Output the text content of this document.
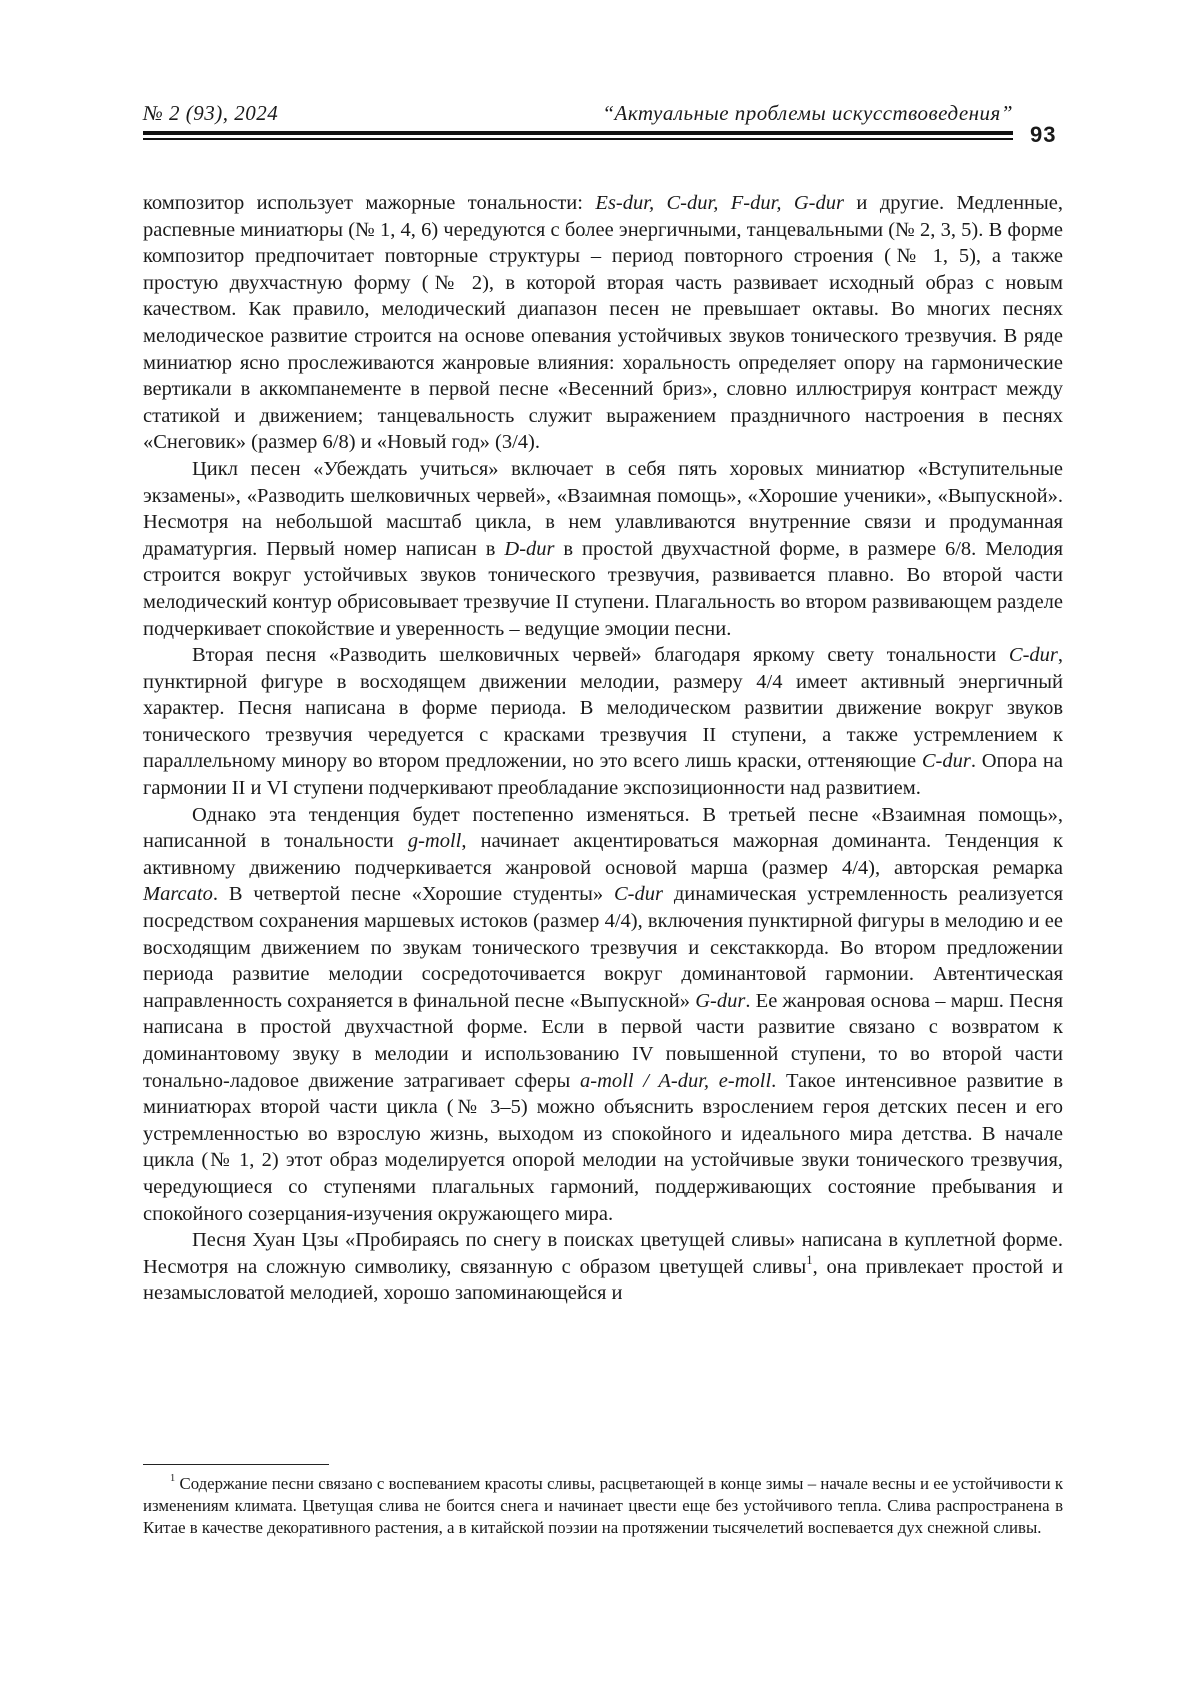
№ 2 (93), 2024	“Актуальные проблемы искусствоведения”
93

композитор использует мажорные тональности: Es-dur, C-dur, F-dur, G-dur и другие. Медленные, распевные миниатюры (№ 1, 4, 6) чередуются с более энергичными, танцевальными (№ 2, 3, 5). В форме композитор предпочитает повторные структуры – период повторного строения (№ 1, 5), а также простую двухчастную форму (№ 2), в которой вторая часть развивает исходный образ с новым качеством. Как правило, мелодический диапазон песен не превышает октавы. Во многих песнях мелодическое развитие строится на основе опевания устойчивых звуков тонического трезвучия. В ряде миниатюр ясно прослеживаются жанровые влияния: хоральность определяет опору на гармонические вертикали в аккомпанементе в первой песне «Весенний бриз», словно иллюстрируя контраст между статикой и движением; танцевальность служит выражением праздничного настроения в песнях «Снеговик» (размер 6/8) и «Новый год» (3/4).

Цикл песен «Убеждать учиться» включает в себя пять хоровых миниатюр «Вступительные экзамены», «Разводить шелковичных червей», «Взаимная помощь», «Хорошие ученики», «Выпускной». Несмотря на небольшой масштаб цикла, в нем улавливаются внутренние связи и продуманная драматургия. Первый номер написан в D-dur в простой двухчастной форме, в размере 6/8. Мелодия строится вокруг устойчивых звуков тонического трезвучия, развивается плавно. Во второй части мелодический контур обрисовывает трезвучие II ступени. Плагальность во втором развивающем разделе подчеркивает спокойствие и уверенность – ведущие эмоции песни.

Вторая песня «Разводить шелковичных червей» благодаря яркому свету тональности C-dur, пунктирной фигуре в восходящем движении мелодии, размеру 4/4 имеет активный энергичный характер. Песня написана в форме периода. В мелодическом развитии движение вокруг звуков тонического трезвучия чередуется с красками трезвучия II ступени, а также устремлением к параллельному минору во втором предложении, но это всего лишь краски, оттеняющие C-dur. Опора на гармонии II и VI ступени подчеркивают преобладание экспозиционности над развитием.

Однако эта тенденция будет постепенно изменяться. В третьей песне «Взаимная помощь», написанной в тональности g-moll, начинает акцентироваться мажорная доминанта. Тенденция к активному движению подчеркивается жанровой основой марша (размер 4/4), авторская ремарка Marcato. В четвертой песне «Хорошие студенты» C-dur динамическая устремленность реализуется посредством сохранения маршевых истоков (размер 4/4), включения пунктирной фигуры в мелодию и ее восходящим движением по звукам тонического трезвучия и секстаккорда. Во втором предложении периода развитие мелодии сосредоточивается вокруг доминантовой гармонии. Автентическая направленность сохраняется в финальной песне «Выпускной» G-dur. Ее жанровая основа – марш. Песня написана в простой двухчастной форме. Если в первой части развитие связано с возвратом к доминантовому звуку в мелодии и использованию IV повышенной ступени, то во второй части тонально-ладовое движение затрагивает сферы a-moll / A-dur, e-moll. Такое интенсивное развитие в миниатюрах второй части цикла (№ 3–5) можно объяснить взрослением героя детских песен и его устремленностью во взрослую жизнь, выходом из спокойного и идеального мира детства. В начале цикла (№ 1, 2) этот образ моделируется опорой мелодии на устойчивые звуки тонического трезвучия, чередующиеся со ступенями плагальных гармоний, поддерживающих состояние пребывания и спокойного созерцания-изучения окружающего мира.

Песня Хуан Цзы «Пробираясь по снегу в поисках цветущей сливы» написана в куплетной форме. Несмотря на сложную символику, связанную с образом цветущей сливы1, она привлекает простой и незамысловатой мелодией, хорошо запоминающейся и

1 Содержание песни связано с воспеванием красоты сливы, расцветающей в конце зимы – начале весны и ее устойчивости к изменениям климата. Цветущая слива не боится снега и начинает цвести еще без устойчивого тепла. Слива распространена в Китае в качестве декоративного растения, а в китайской поэзии на протяжении тысячелетий воспевается дух снежной сливы.
